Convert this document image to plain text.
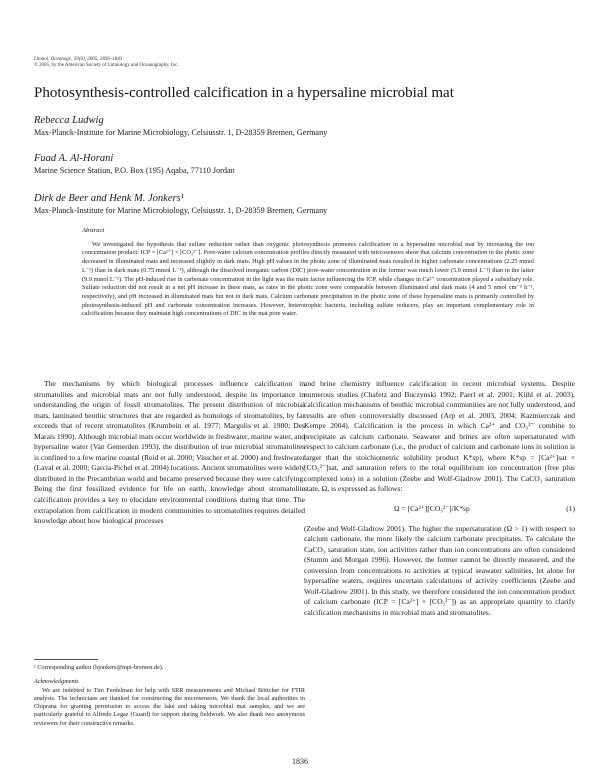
Limnol. Oceanogr., 50(6), 2005, 1836–1843
© 2005, by the American Society of Limnology and Oceanography, Inc.
Photosynthesis-controlled calcification in a hypersaline microbial mat
Rebecca Ludwig
Max-Planck-Institute for Marine Microbiology, Celsiusstr. 1, D-28359 Bremen, Germany
Fuad A. Al-Horani
Marine Science Station, P.O. Box (195) Aqaba, 77110 Jordan
Dirk de Beer and Henk M. Jonkers¹
Max-Planck-Institute for Marine Microbiology, Celsiusstr. 1, D-28359 Bremen, Germany
Abstract
We investigated the hypothesis that sulfate reduction rather than oxygenic photosynthesis promotes calcification in a hypersaline microbial mat by increasing the ion concentration product: ICP = [Ca²⁺] × [CO₃²⁻]. Pore-water calcium concentration profiles directly measured with microsensors show that calcium concentration in the photic zone decreased in illuminated mats and increased slightly in dark mats. High pH values in the photic zone of illuminated mats resulted in higher carbonate concentrations (2.25 mmol L⁻¹) than in dark mats (0.75 mmol L⁻¹), although the dissolved inorganic carbon (DIC) pore-water concentration in the former was much lower (5.9 mmol L⁻¹) than in the latter (9.9 mmol L⁻¹). The pH-induced rise in carbonate concentration in the light was the main factor influencing the ICP, while changes in Ca²⁺ concentration played a subsidiary role. Sulfate reduction did not result in a net pH increase in these mats, as rates in the photic zone were comparable between illuminated and dark mats (4 and 5 nmol cm⁻³ h⁻¹, respectively), and pH increased in illuminated mats but not in dark mats. Calcium carbonate precipitation in the photic zone of these hypersaline mats is primarily controlled by photosynthesis-induced pH and carbonate concentration increases. However, heterotrophic bacteria, including sulfate reducers, play an important complementary role in calcification because they maintain high concentrations of DIC in the mat pore water.

The mechanisms by which biological processes influence calcification in stromatolites and microbial mats are not fully understood, despite its importance in understanding the origin of fossil stromatolites. The present distribution of microbial mats, laminated benthic structures that are regarded as homologs of stromatolites, by far exceeds that of recent stromatolites (Krumbein et al. 1977; Margulis et al. 1980; Des Marais 1990). Although microbial mats occur worldwide in freshwater, marine water, and hypersaline water (Van Gemerden 1993), the distribution of true microbial stromatolites is confined to a few marine coastal (Reid et al. 2000; Visscher et al. 2000) and freshwater (Laval et al. 2000; Garcia-Pichel et al. 2004) locations. Ancient stromatolites were widely distributed in the Precambrian world and became preserved because they were calcifying. Being the first fossilized evidence for life on earth, knowledge about stromatolite calcification provides a key to elucidate environmental conditions during that time. The extrapolation from calcification in modern communities to stromatolites requires detailed knowledge about how biological processes

and brine chemistry influence calcification in recent microbial systems. Despite numerous studies (Chafetz and Buczynski 1992; Paerl et al. 2001; Kühl et al. 2003), calcification mechanisms of benthic microbial communities are not fully understood, and results are often controversially discussed (Arp et al. 2003, 2004; Kazmierczak and Kempe 2004). Calcification is the process in which Ca²⁺ and CO₃²⁻ combine to precipitate as calcium carbonate. Seawater and brines are often supersaturated with respect to calcium carbonate (i.e., the product of calcium and carbonate ions in solution is larger than the stoichiometric solubility product K*sp), where K*sp = [Ca²⁺]sat × [CO₃²⁻]sat, and saturation refers to the total equilibrium ion concentration (free plus complexed ions) in a solution (Zeebe and Wolf-Gladrow 2001). The CaCO₃ saturation state, Ω, is expressed as follows:

Ω = [Ca²⁺][CO₃²⁻]/K*sp	(1)

(Zeebe and Wolf-Gladrow 2001). The higher the supersaturation (Ω > 1) with respect to calcium carbonate, the more likely the calcium carbonate precipitates. To calculate the CaCO₃ saturation state, ion activities rather than ion concentrations are often considered (Stumm and Morgan 1996). However, the former cannot be directly measured, and the conversion from concentrations to activities at typical seawater salinities, let alone for hypersaline waters, requires uncertain calculations of activity coefficients (Zeebe and Wolf-Gladrow 2001). In this study, we therefore considered the ion concentration product of calcium carbonate (ICP = [Ca²⁺] × [CO₃²⁻]) as an appropriate quantity to clarify calcification mechanisms in microbial mats and stromatolites.

¹ Corresponding author (hjonkers@mpi-bremen.de).
Acknowledgments
We are indebted to Tim Ferdelman for help with SRR measurements and Michael Böttcher for FTIR analysis. The technicians are thanked for constructing the microsensors. We thank the local authorities in Chiprana for granting permission to access the lake and taking microbial mat samples, and we are particularly grateful to Alfredo Legaz (Guard) for support during fieldwork. We also thank two anonymous reviewers for their constructive remarks.
1836
